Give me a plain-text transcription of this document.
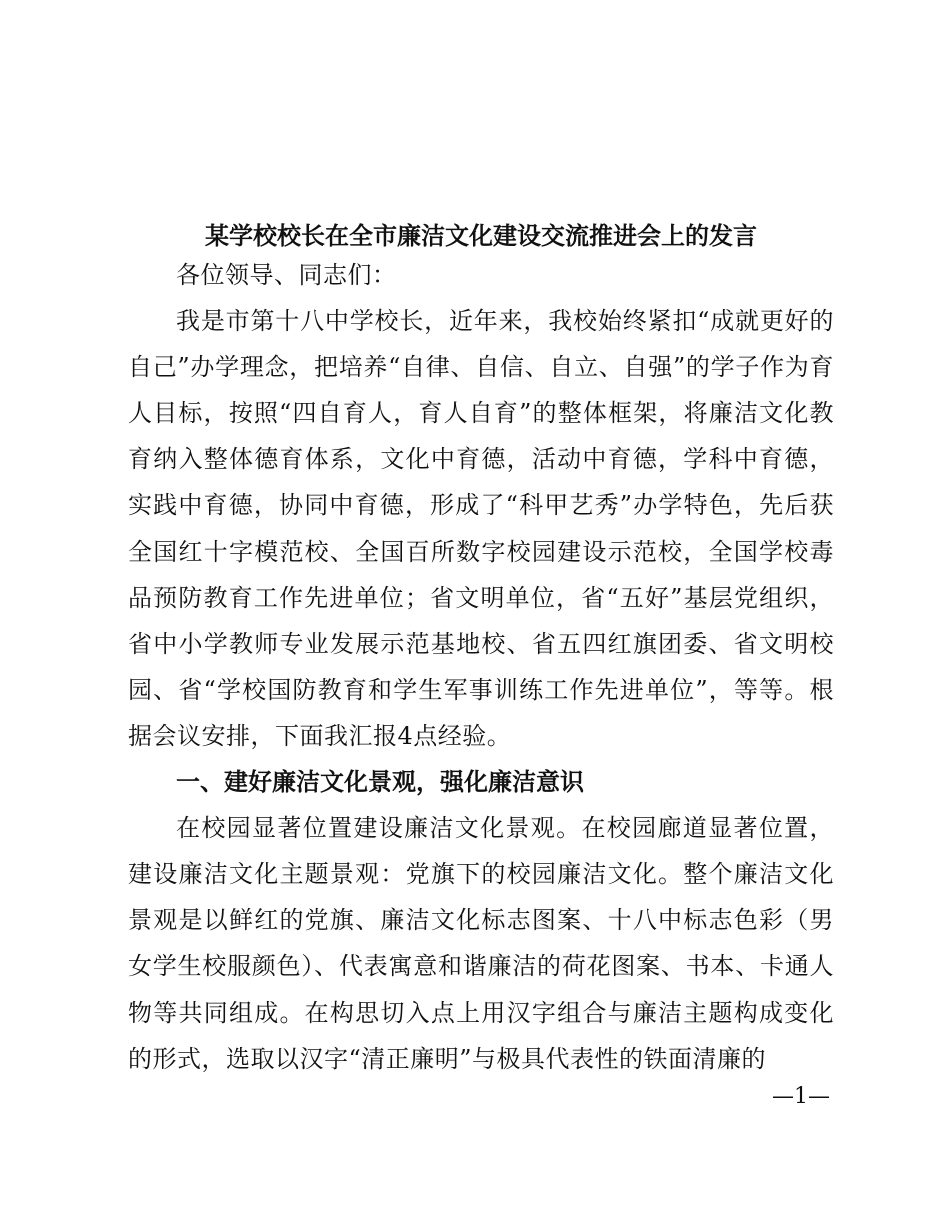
某学校校长在全市廉洁文化建设交流推进会上的发言

各位领导、同志们：

我是市第十八中学校长，近年来，我校始终紧扣“成就更好的自己”办学理念，把培养“自律、自信、自立、自强”的学子作为育人目标，按照“四自育人，育人自育”的整体框架，将廉洁文化教育纳入整体德育体系，文化中育德，活动中育德，学科中育德，实践中育德，协同中育德，形成了“科甲艺秀”办学特色，先后获全国红十字模范校、全国百所数字校园建设示范校，全国学校毒品预防教育工作先进单位；省文明单位，省“五好”基层党组织，省中小学教师专业发展示范基地校、省五四红旗团委、省文明校园、省“学校国防教育和学生军事训练工作先进单位”，等等。根据会议安排，下面我汇报4点经验。

一、建好廉洁文化景观，强化廉洁意识

在校园显著位置建设廉洁文化景观。在校园廊道显著位置，建设廉洁文化主题景观：党旗下的校园廉洁文化。整个廉洁文化景观是以鲜红的党旗、廉洁文化标志图案、十八中标志色彩（男女学生校服颜色）、代表寓意和谐廉洁的荷花图案、书本、卡通人物等共同组成。在构思切入点上用汉字组合与廉洁主题构成变化的形式，选取以汉字“清正廉明”与极具代表性的铁面清廉的

—1—
